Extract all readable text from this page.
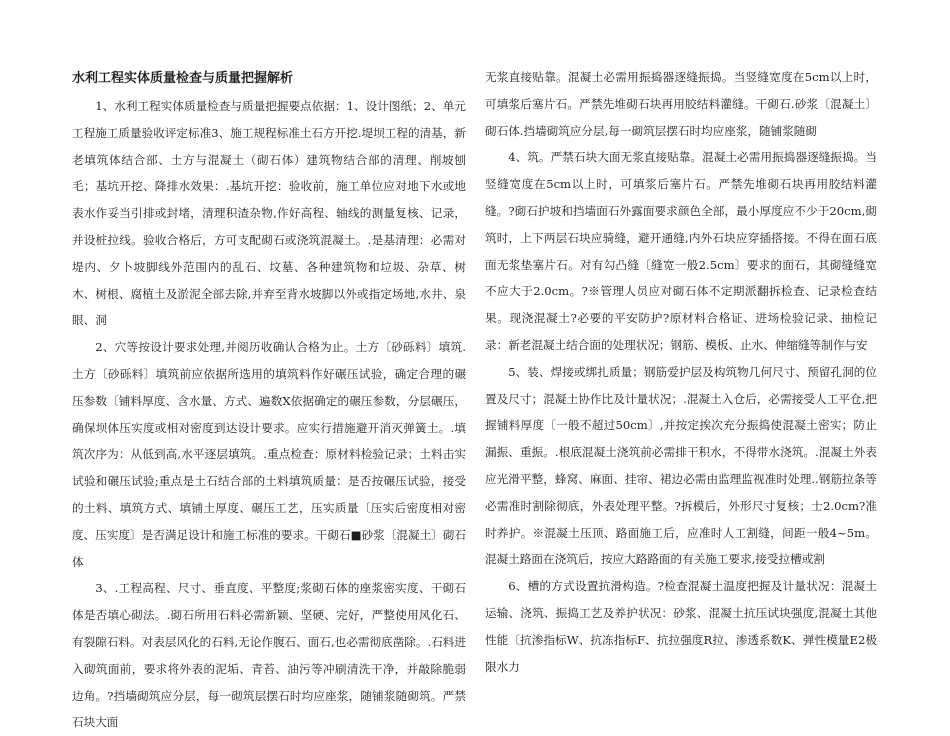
水利工程实体质量检查与质量把握解析

1、水利工程实体质量检查与质量把握要点依据：1、设计图纸；2、单元工程施工质量验收评定标准3、施工规程标准土石方开挖.堤坝工程的清基，新老填筑体结合部、土方与混凝土（砌石体）建筑物结合部的清理、削坡刨毛；基坑开挖、降排水效果：.基坑开挖：验收前，施工单位应对地下水或地表水作妥当引排或封堵，清理积渣杂物,作好高程、轴线的测量复核、记录，并设桩拉线。验收合格后，方可支配砌石或浇筑混凝土。.是基清理：必需对堤内、夕卜坡脚线外范围内的乱石、坟墓、各种建筑物和垃圾、杂草、树木、树根、腐植土及淤泥全部去除,并弃至背水坡脚以外或指定场地,水井、泉眼、洞

2、穴等按设计要求处理,并阅历收确认合格为止。土方〔砂砾料〕填筑.土方〔砂砾料〕填筑前应依据所选用的填筑料作好碾压试验，确定合理的碾压参数〔铺料厚度、含水量、方式、遍数X依据确定的碾压参数，分层碾压，确保坝体压实度或相对密度到达设计要求。应实行措施避开消灭弹簧土。.填筑次序为：从低到高,水平逐层填筑。.重点检查：原材料检验记录；土料击实试验和碾压试验;重点是土石结合部的土料填筑质量：是否按碾压试验，接受的土料、填筑方式、填铺土厚度、碾压工艺，压实质量〔压实后密度相对密度、压实度〕是否满足设计和施工标准的要求。干砌石■砂浆〔混凝土〕砌石体

3、.工程高程、尺寸、垂直度、平整度;浆砌石体的座浆密实度、干砌石体是否填心砌法。.砌石所用石料必需新颖、坚硬、完好，严整使用风化石、有裂隙石料。对表层风化的石料,无论作腹石、面石,也必需彻底凿除。.石料进入砌筑面前，要求将外表的泥垢、青苔、油污等冲刷清洗干净，并敲除脆弱边角。?挡墙砌筑应分层，每一砌筑层摆石时均应座浆，随铺浆随砌筑。严禁石块大面

无浆直接贴靠。混凝土必需用振捣器逐缝振捣。当竖缝宽度在5cm以上时，可填浆后塞片石。严禁先堆砌石块再用胶结料灌缝。干砌石.砂浆〔混凝土〕砌石体.挡墙砌筑应分层,每一砌筑层摆石时均应座浆，随铺浆随砌

4、筑。严禁石块大面无浆直接贴靠。混凝土必需用振捣器逐缝振捣。当竖缝宽度在5cm以上时，可填浆后塞片石。严禁先堆砌石块再用胶结料灌缝。?砌石护坡和挡墙面石外露面要求颜色全部，最小厚度应不少于20cm,砌筑时，上下两层石块应骑缝，避开通缝,内外石块应穿插搭接。不得在面石底面无浆垫塞片石。对有勾凸缝〔缝宽一般2.5cm〕要求的面石，其砌缝缝宽不应大于2.0cm。?※管理人员应对砌石体不定期派翻拆检查、记录检查结果。现浇混凝土?必要的平安防护?原材料合格证、进场检验记录、抽检记录：新老混凝土结合面的处理状况；钢筋、模板、止水、伸缩缝等制作与安

5、装、焊接或绑扎质量；钢筋爱护层及构筑物几何尺寸、预留孔洞的位置及尺寸；混凝土协作比及计量状况；.混凝土入仓后，必需接受人工平仓,把握铺料厚度〔一般不超过50cm〕,并按定挨次充分振捣使混凝土密实；防止漏振、重振。.根底混凝土浇筑前必需排干积水，不得带水浇筑。.混凝土外表应光滑平整，蜂窝、麻面、挂帘、裙边必需由监理监视准时处理..钢筋拉条等必需准时割除彻底，外表处理平整。?拆模后，外形尺寸复核；士2.0cm?准时养护。※混凝土压顶、路面施工后，应准时人工割缝，间距一般4~5m。混凝土路面在浇筑后，按应大路路面的有关施工要求,接受拉槽或割

6、槽的方式设置抗滑构造。?检查混凝土温度把握及计量状况：混凝土运输、浇筑、振捣工艺及养护状况：砂浆、混凝土抗压试块强度,混凝土其他性能〔抗渗指标W、抗冻指标F、抗拉强度R拉、渗透系数K、弹性模量E2极限水力
